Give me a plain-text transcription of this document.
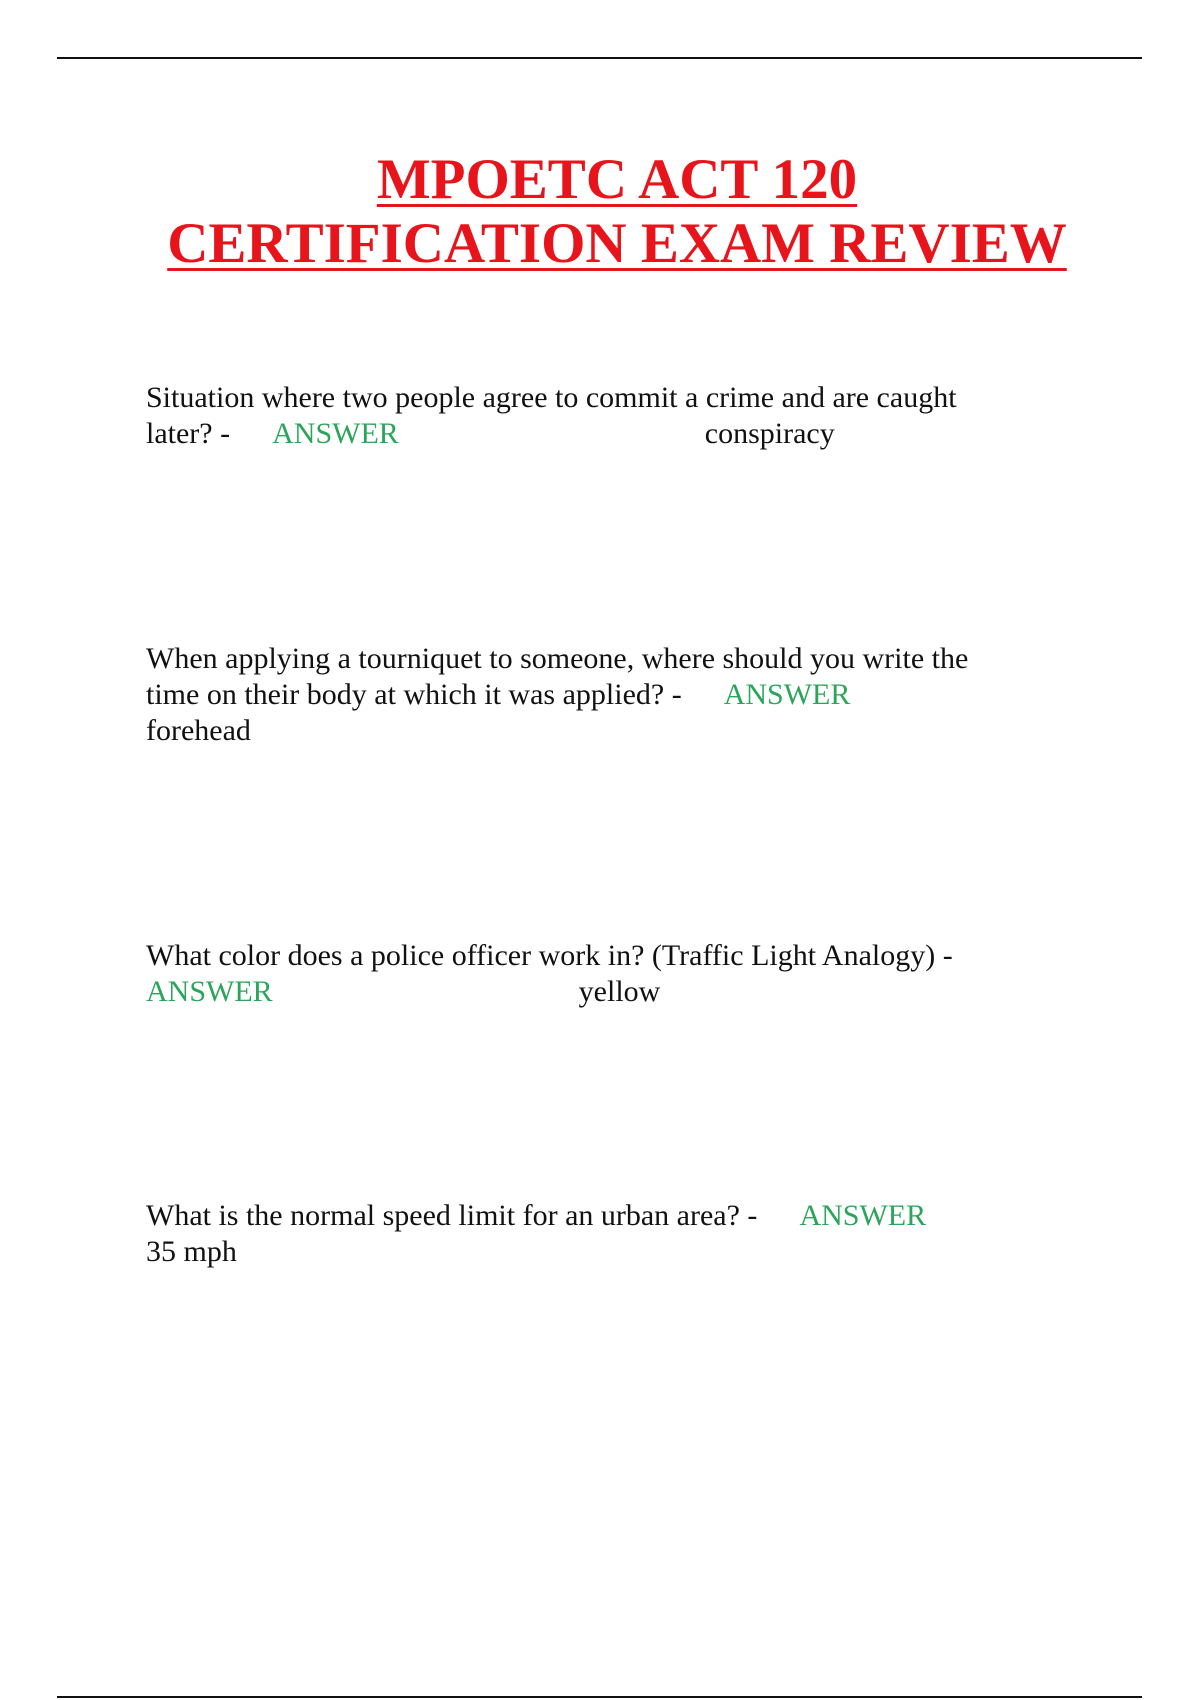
MPOETC ACT 120
CERTIFICATION EXAM REVIEW
Situation where two people agree to commit a crime and are caught
later? - ANSWER	conspiracy
When applying a tourniquet to someone, where should you write the
time on their body at which it was applied? - ANSWER
forehead
What color does a police officer work in? (Traffic Light Analogy) -
ANSWER	yellow
What is the normal speed limit for an urban area? - ANSWER
35 mph
